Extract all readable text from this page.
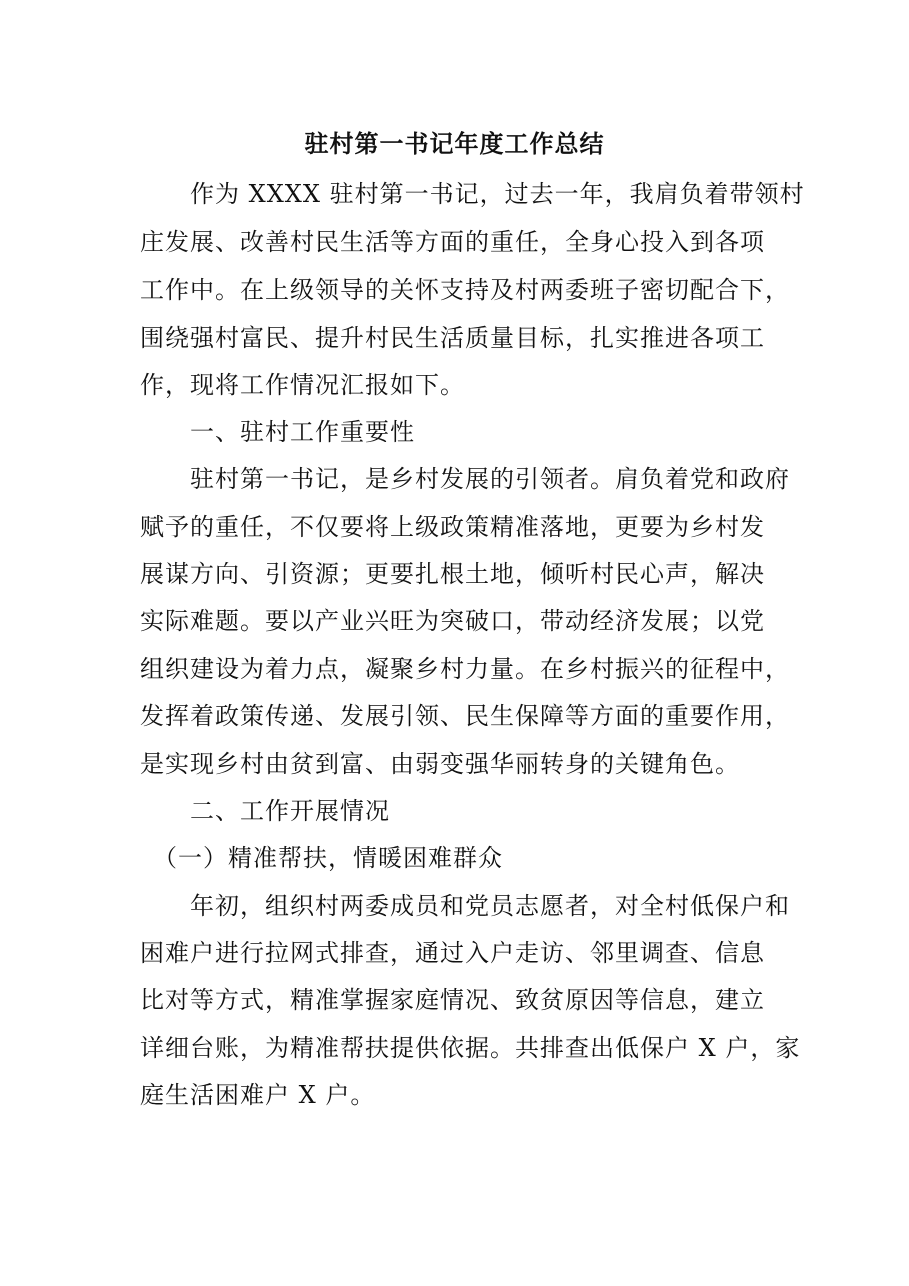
驻村第一书记年度工作总结
　　作为 XXXX 驻村第一书记，过去一年，我肩负着带领村
庄发展、改善村民生活等方面的重任，全身心投入到各项
工作中。在上级领导的关怀支持及村两委班子密切配合下，
围绕强村富民、提升村民生活质量目标，扎实推进各项工
作，现将工作情况汇报如下。
　　一、驻村工作重要性
　　驻村第一书记，是乡村发展的引领者。肩负着党和政府
赋予的重任，不仅要将上级政策精准落地，更要为乡村发
展谋方向、引资源；更要扎根土地，倾听村民心声，解决
实际难题。要以产业兴旺为突破口，带动经济发展；以党
组织建设为着力点，凝聚乡村力量。在乡村振兴的征程中，
发挥着政策传递、发展引领、民生保障等方面的重要作用，
是实现乡村由贫到富、由弱变强华丽转身的关键角色。
　　二、工作开展情况
　（一）精准帮扶，情暖困难群众
　　年初，组织村两委成员和党员志愿者，对全村低保户和
困难户进行拉网式排查，通过入户走访、邻里调查、信息
比对等方式，精准掌握家庭情况、致贫原因等信息，建立
详细台账，为精准帮扶提供依据。共排查出低保户 X 户，家
庭生活困难户 X 户。
